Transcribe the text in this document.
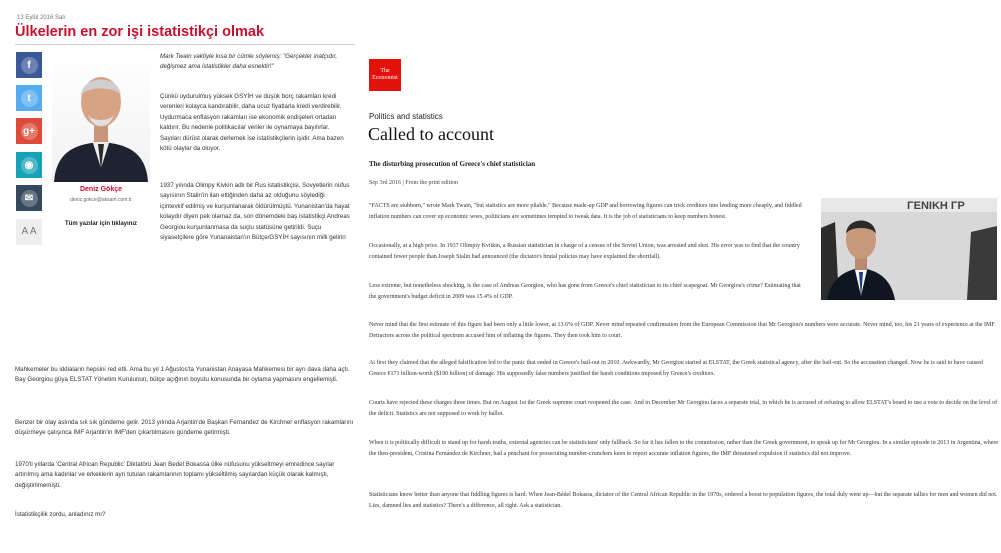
13 Eylül 2016 Salı
Ülkelerin en zor işi istatistikçi olmak
f
t
g+
◉
✉
A A
Deniz Gökçe
deniz.gokce@aksam.com.tr
Tüm yazılar için tıklayınız

Mark Twain vaktiyle kısa bir cümle söylemiş: "Gerçekler inatçıdır, değişmez ama istatistikler daha esnektir!"

Çünkü uydurulmuş yüksek GSYİH ve düşük borç rakamları kredi verenleri kolayca kandırabilir, daha ucuz fiyatlarla kredi verdirebilir. Uydurmaca enflasyon rakamları ise ekonomik endişeleri ortadan kaldırır. Bu nedenle politikacılar veriler ile oynamaya bayılırlar. Sayıları dürüst olarak derlemek ise istatistikçilerin işidir. Ama bazen kötü olaylar da oluyor.

1937 yılında Olimpy Kivkin adlı bir Rus istatistikçisi, Sovyetlerin nüfus sayısının Stalin'in ilan ettiğinden daha az olduğunu söylediği içintevkif edilmiş ve kurşunlanarak öldürülmüştü. Yunanistan'da hayat kolaydır diyen pek olamaz da, son dönemdeki baş istatistikçi Andreas Georgiou kurşunlanmasa da suçlu statüsüne getirildi. Suçu siyasetçilere göre Yunanaistan'ın Bütçe/GSYİH sayısının milli gelirin

Mahkemeler bu iddiaların hepsini red etti. Ama bu yıl 1 Ağustos'ta Yunanistan Anayasa Mahkemesi bir ayrı dava daha açtı. Bay Georgiou güya ELSTAT Yönetim Kurulunun, bütçe açığının boyutu konusunda bir oylama yapmasını engellemişti.

Benzer bir olay aslında sık sık gündeme gelir. 2013 yılında Arjantin'de Başkan Fernandez de Kirchner enflasyon rakamlarını düşürmeye çalışınca IMF Arjantin'in IMF'den çıkartılmasını gündeme getirmişti.

1970'li yıllarda 'Central African Republic' Diktatörü Jean Bedel Bokassa ülke nüfusunu yükseltmeyi emredince sayılar artırılmış ama kadınlar ve erkeklerin ayrı tutulan rakamlarının toplamı yükseltilmiş sayılardan küçük olarak kalmıştı, değiştirilmemişti.

İstatistikçilik zordu, anladınız mı?

The
Economist
Politics and statistics
Called to account
The disturbing prosecution of Greece's chief statistician
Sep 3rd 2016 | From the print edition
ΓΕΝΙΚΗ ΓΡ

"FACTS are stubborn," wrote Mark Twain, "but statistics are more pliable." Because made-up GDP and borrowing figures can trick creditors into lending more cheaply, and fiddled inflation numbers can cover up economic woes, politicians are sometimes tempted to tweak data. It is the job of statisticians to keep numbers honest.

Occasionally, at a high price. In 1937 Olimpiy Kvitkin, a Russian statistician in charge of a census of the Soviet Union, was arrested and shot. His error was to find that the country contained fewer people than Joseph Stalin had announced (the dictator's brutal policies may have explained the shortfall).

Less extreme, but nonetheless shocking, is the case of Andreas Georgiou, who has gone from Greece's chief statistician to its chief scapegoat. Mr Georgiou's crime? Estimating that the government's budget deficit in 2009 was 15.4% of GDP.

Never mind that the first estimate of this figure had been only a little lower, at 13.6% of GDP. Never mind repeated confirmation from the European Commission that Mr Georgiou's numbers were accurate. Never mind, too, his 21 years of experience at the IMF. Detractors across the political spectrum accused him of inflating the figures. They then took him to court.

At first they claimed that the alleged falsification led to the panic that ended in Greece's bail-out in 2010. Awkwardly, Mr Georgiou started at ELSTAT, the Greek statistical agency, after the bail-out. So the accusation changed. Now he is said to have caused Greece €171 billion-worth ($190 billion) of damage. His supposedly false numbers justified the harsh conditions imposed by Greece's creditors.

Courts have rejected these charges three times. But on August 1st the Greek supreme court reopened the case. And in December Mr Georgiou faces a separate trial, in which he is accused of refusing to allow ELSTAT's board to use a vote to decide on the level of the deficit. Statistics are not supposed to work by ballot.

When it is politically difficult to stand up for harsh truths, external agencies can be statisticians' only fallback. So far it has fallen to the commission, rather than the Greek government, to speak up for Mr Georgiou. In a similar episode in 2013 in Argentina, where the then-president, Cristina Fernández de Kirchner, had a penchant for prosecuting number-crunchers keen to report accurate inflation figures, the IMF threatened expulsion if statistics did not improve.

Statisticians know better than anyone that fiddling figures is hard. When Jean-Bédel Bokassa, dictator of the Central African Republic in the 1970s, ordered a boost to population figures, the total duly went up—but the separate tallies for men and women did not. Lies, damned lies and statistics? There's a difference, all right. Ask a statistician.
